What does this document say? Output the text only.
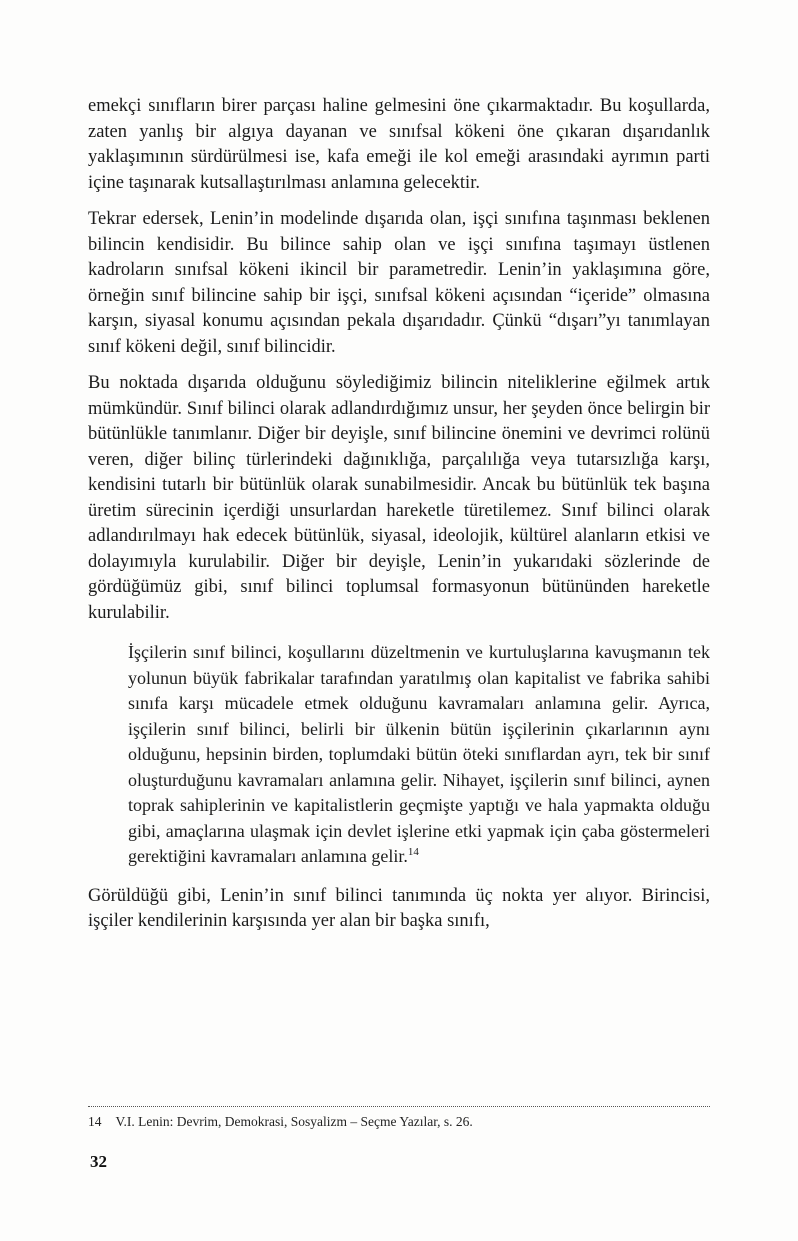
emekçi sınıfların birer parçası haline gelmesini öne çıkarmaktadır. Bu koşullarda, zaten yanlış bir algıya dayanan ve sınıfsal kökeni öne çıkaran dışarıdanlık yaklaşımının sürdürülmesi ise, kafa emeği ile kol emeği arasındaki ayrımın parti içine taşınarak kutsallaştırılması anlamına gelecektir.

Tekrar edersek, Lenin’in modelinde dışarıda olan, işçi sınıfına taşınması beklenen bilincin kendisidir. Bu bilince sahip olan ve işçi sınıfına taşımayı üstlenen kadroların sınıfsal kökeni ikincil bir parametredir. Lenin’in yaklaşımına göre, örneğin sınıf bilincine sahip bir işçi, sınıfsal kökeni açısından “içeride” olmasına karşın, siyasal konumu açısından pekala dışarıdadır. Çünkü “dışarı”yı tanımlayan sınıf kökeni değil, sınıf bilincidir.

Bu noktada dışarıda olduğunu söylediğimiz bilincin niteliklerine eğilmek artık mümkündür. Sınıf bilinci olarak adlandırdığımız unsur, her şeyden önce belirgin bir bütünlükle tanımlanır. Diğer bir deyişle, sınıf bilincine önemini ve devrimci rolünü veren, diğer bilinç türlerindeki dağınıklığa, parçalılığa veya tutarsızlığa karşı, kendisini tutarlı bir bütünlük olarak sunabilmesidir. Ancak bu bütünlük tek başına üretim sürecinin içerdiği unsurlardan hareketle türetilemez. Sınıf bilinci olarak adlandırılmayı hak edecek bütünlük, siyasal, ideolojik, kültürel alanların etkisi ve dolayımıyla kurulabilir. Diğer bir deyişle, Lenin’in yukarıdaki sözlerinde de gördüğümüz gibi, sınıf bilinci toplumsal formasyonun bütününden hareketle kurulabilir.

İşçilerin sınıf bilinci, koşullarını düzeltmenin ve kurtuluşlarına kavuşmanın tek yolunun büyük fabrikalar tarafından yaratılmış olan kapitalist ve fabrika sahibi sınıfa karşı mücadele etmek olduğunu kavramaları anlamına gelir. Ayrıca, işçilerin sınıf bilinci, belirli bir ülkenin bütün işçilerinin çıkarlarının aynı olduğunu, hepsinin birden, toplumdaki bütün öteki sınıflardan ayrı, tek bir sınıf oluşturduğunu kavramaları anlamına gelir. Nihayet, işçilerin sınıf bilinci, aynen toprak sahiplerinin ve kapitalistlerin geçmişte yaptığı ve hala yapmakta olduğu gibi, amaçlarına ulaşmak için devlet işlerine etki yapmak için çaba göstermeleri gerektiğini kavramaları anlamına gelir.$^{14}$

Görüldüğü gibi, Lenin’in sınıf bilinci tanımında üç nokta yer alıyor. Birincisi, işçiler kendilerinin karşısında yer alan bir başka sınıfı,

14 V.I. Lenin: Devrim, Demokrasi, Sosyalizm – Seçme Yazılar, s. 26.
32
